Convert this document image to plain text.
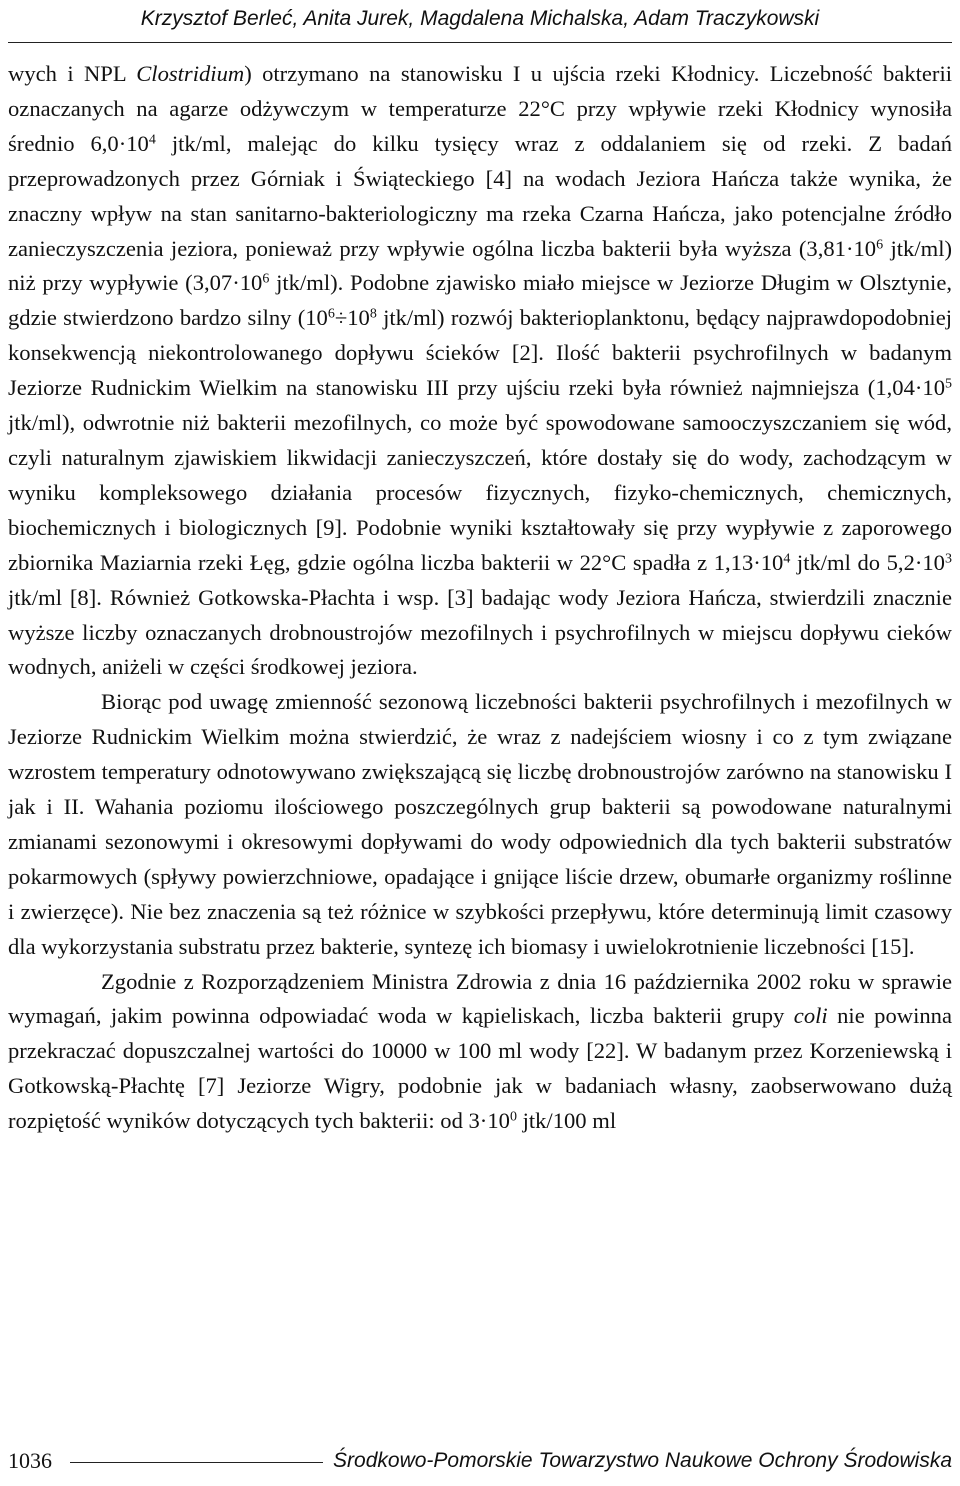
Krzysztof Berleć, Anita Jurek, Magdalena Michalska, Adam Traczykowski

wych i NPL Clostridium) otrzymano na stanowisku I u ujścia rzeki Kłodnicy. Liczebność bakterii oznaczanych na agarze odżywczym w temperaturze 22°C przy wpływie rzeki Kłodnicy wynosiła średnio $6,0\cdot 10^4$ jtk/ml, malejąc do kilku tysięcy wraz z oddalaniem się od rzeki. Z badań przeprowadzonych przez Górniak i Świąteckiego [4] na wodach Jeziora Hańcza także wynika, że znaczny wpływ na stan sanitarno-bakteriologiczny ma rzeka Czarna Hańcza, jako potencjalne źródło zanieczyszczenia jeziora, ponieważ przy wpływie ogólna liczba bakterii była wyższa ($3,81\cdot 10^6$ jtk/ml) niż przy wypływie ($3,07\cdot 10^6$ jtk/ml). Podobne zjawisko miało miejsce w Jeziorze Długim w Olsztynie, gdzie stwierdzono bardzo silny ($10^6\div 10^8$ jtk/ml) rozwój bakterioplanktonu, będący najprawdopodobniej konsekwencją niekontrolowanego dopływu ścieków [2]. Ilość bakterii psychrofilnych w badanym Jeziorze Rudnickim Wielkim na stanowisku III przy ujściu rzeki była również najmniejsza ($1,04\cdot 10^5$ jtk/ml), odwrotnie niż bakterii mezofilnych, co może być spowodowane samooczyszczaniem się wód, czyli naturalnym zjawiskiem likwidacji zanieczyszczeń, które dostały się do wody, zachodzącym w wyniku kompleksowego działania procesów fizycznych, fizyko-chemicznych, chemicznych, biochemicznych i biologicznych [9]. Podobnie wyniki kształtowały się przy wypływie z zaporowego zbiornika Maziarnia rzeki Łęg, gdzie ogólna liczba bakterii w 22°C spadła z $1,13\cdot 10^4$ jtk/ml do $5,2\cdot 10^3$ jtk/ml [8]. Również Gotkowska-Płachta i wsp. [3] badając wody Jeziora Hańcza, stwierdzili znacznie wyższe liczby oznaczanych drobnoustrojów mezofilnych i psychrofilnych w miejscu dopływu cieków wodnych, aniżeli w części środkowej jeziora.

Biorąc pod uwagę zmienność sezonową liczebności bakterii psychrofilnych i mezofilnych w Jeziorze Rudnickim Wielkim można stwierdzić, że wraz z nadejściem wiosny i co z tym związane wzrostem temperatury odnotowywano zwiększającą się liczbę drobnoustrojów zarówno na stanowisku I jak i II. Wahania poziomu ilościowego poszczególnych grup bakterii są powodowane naturalnymi zmianami sezonowymi i okresowymi dopływami do wody odpowiednich dla tych bakterii substratów pokarmowych (spływy powierzchniowe, opadające i gnijące liście drzew, obumarłe organizmy roślinne i zwierzęce). Nie bez znaczenia są też różnice w szybkości przepływu, które determinują limit czasowy dla wykorzystania substratu przez bakterie, syntezę ich biomasy i uwielokrotnienie liczebności [15].

Zgodnie z Rozporządzeniem Ministra Zdrowia z dnia 16 października 2002 roku w sprawie wymagań, jakim powinna odpowiadać woda w kąpieliskach, liczba bakterii grupy coli nie powinna przekraczać dopuszczalnej wartości do 10000 w 100 ml wody [22]. W badanym przez Korzeniewską i Gotkowską-Płachtę [7] Jeziorze Wigry, podobnie jak w badaniach własny, zaobserwowano dużą rozpiętość wyników dotyczących tych bakterii: od $3\cdot 10^0$ jtk/100 ml

1036	Środkowo-Pomorskie Towarzystwo Naukowe Ochrony Środowiska
